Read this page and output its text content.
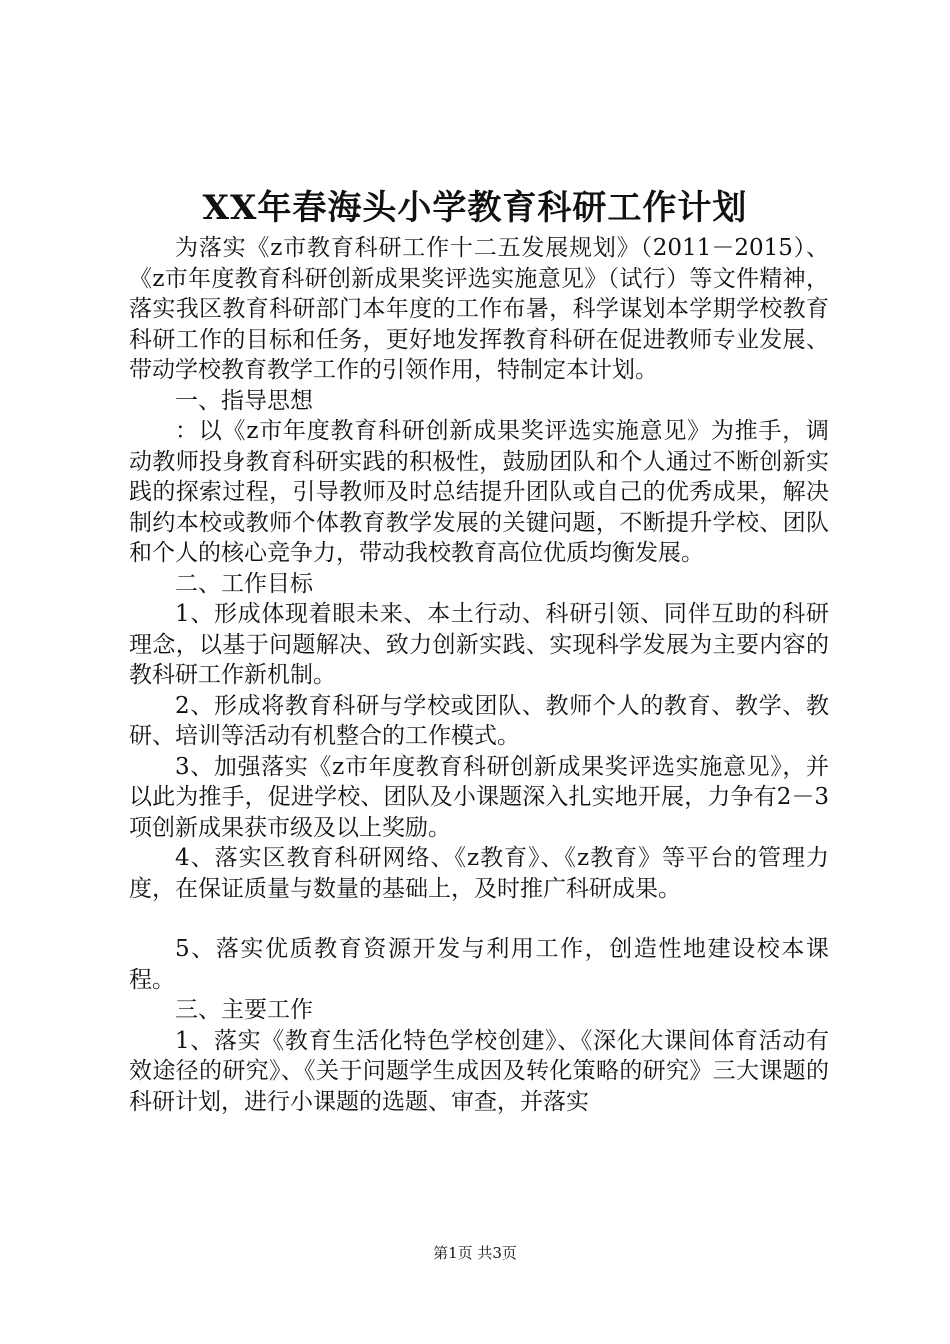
XX年春海头小学教育科研工作计划

为落实《z市教育科研工作十二五发展规划》（2011－2015）、《z市年度教育科研创新成果奖评选实施意见》（试行）等文件精神，落实我区教育科研部门本年度的工作布暑，科学谋划本学期学校教育科研工作的目标和任务，更好地发挥教育科研在促进教师专业发展、带动学校教育教学工作的引领作用，特制定本计划。

一、指导思想

：以《z市年度教育科研创新成果奖评选实施意见》为推手，调动教师投身教育科研实践的积极性，鼓励团队和个人通过不断创新实践的探索过程，引导教师及时总结提升团队或自己的优秀成果，解决制约本校或教师个体教育教学发展的关键问题，不断提升学校、团队和个人的核心竞争力，带动我校教育高位优质均衡发展。

二、工作目标

1、形成体现着眼未来、本土行动、科研引领、同伴互助的科研理念，以基于问题解决、致力创新实践、实现科学发展为主要内容的教科研工作新机制。

2、形成将教育科研与学校或团队、教师个人的教育、教学、教研、培训等活动有机整合的工作模式。

3、加强落实《z市年度教育科研创新成果奖评选实施意见》，并以此为推手，促进学校、团队及小课题深入扎实地开展，力争有2－3项创新成果获市级及以上奖励。

4、落实区教育科研网络、《z教育》、《z教育》等平台的管理力度，在保证质量与数量的基础上，及时推广科研成果。

5、落实优质教育资源开发与利用工作，创造性地建设校本课程。

三、主要工作

1、落实《教育生活化特色学校创建》、《深化大课间体育活动有效途径的研究》、《关于问题学生成因及转化策略的研究》三大课题的科研计划，进行小课题的选题、审查，并落实

第1页 共3页
